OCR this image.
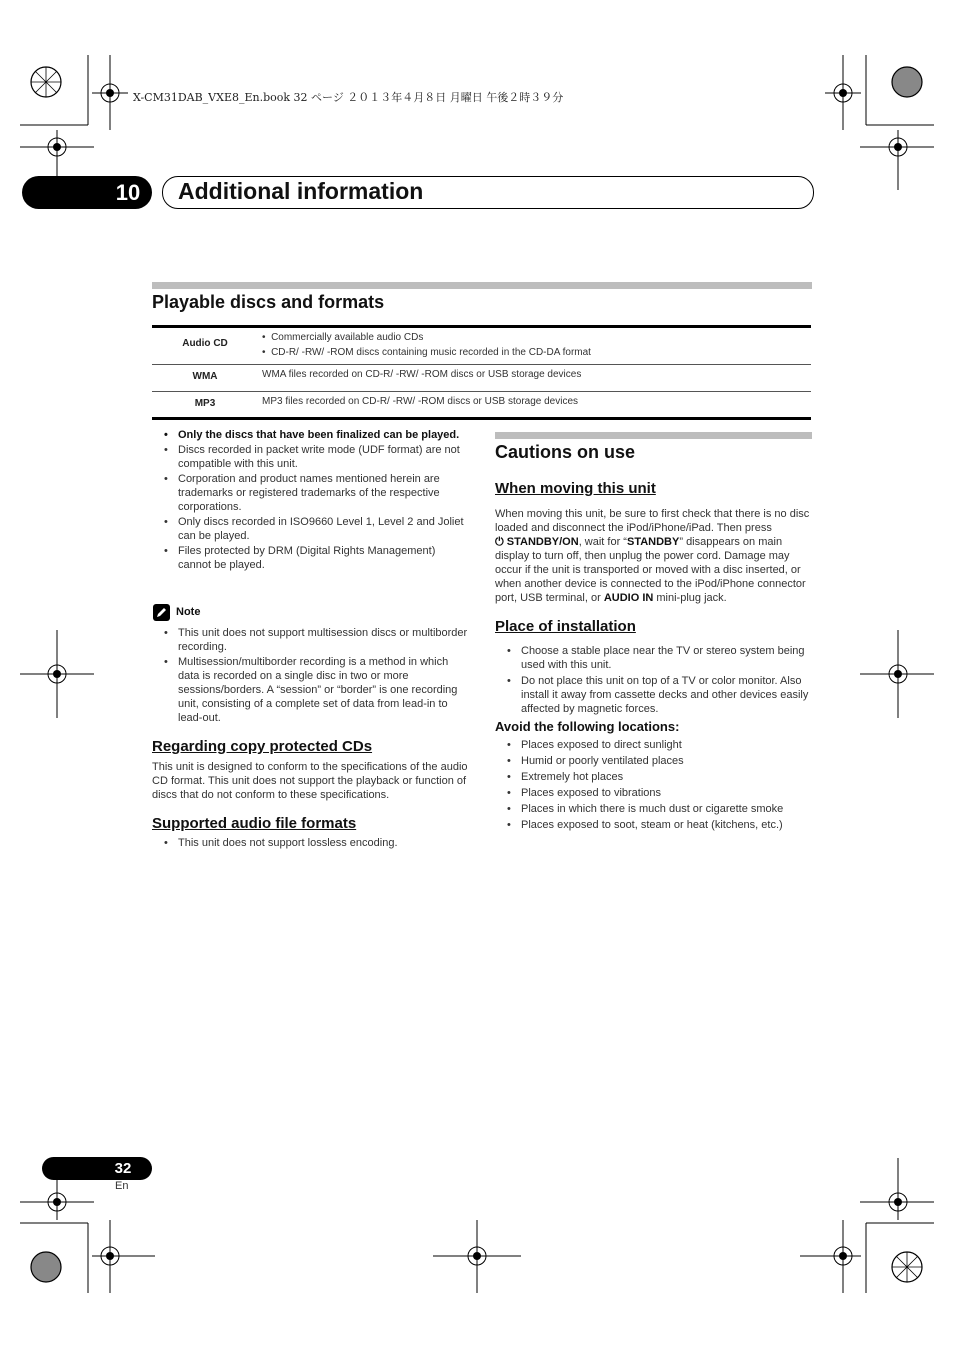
X-CM31DAB_VXE8_En.book 32 ページ ２０１３年４月８日 月曜日 午後２時３９分
10 Additional information
Playable discs and formats
Audio CD
•  Commercially available audio CDs
•  CD-R/ -RW/ -ROM discs containing music recorded in the CD-DA format
WMA	WMA files recorded on CD-R/ -RW/ -ROM discs or USB storage devices
MP3	MP3 files recorded on CD-R/ -RW/ -ROM discs or USB storage devices
• Only the discs that have been finalized can be played.
• Discs recorded in packet write mode (UDF format) are not compatible with this unit.
• Corporation and product names mentioned herein are trademarks or registered trademarks of the respective corporations.
• Only discs recorded in ISO9660 Level 1, Level 2 and Joliet can be played.
• Files protected by DRM (Digital Rights Management) cannot be played.
Note
• This unit does not support multisession discs or multiborder recording.
• Multisession/multiborder recording is a method in which data is recorded on a single disc in two or more sessions/borders. A “session” or “border” is one recording unit, consisting of a complete set of data from lead-in to lead-out.
Regarding copy protected CDs

This unit is designed to conform to the specifications of the audio CD format. This unit does not support the playback or function of discs that do not conform to these specifications.

Supported audio file formats
• This unit does not support lossless encoding.
Cautions on use
When moving this unit

When moving this unit, be sure to first check that there is no disc loaded and disconnect the iPod/iPhone/iPad. Then press ⏻ STANDBY/ON, wait for “STANDBY” disappears on main display to turn off, then unplug the power cord. Damage may occur if the unit is transported or moved with a disc inserted, or when another device is connected to the iPod/iPhone connector port, USB terminal, or AUDIO IN mini-plug jack.

Place of installation
• Choose a stable place near the TV or stereo system being used with this unit.
• Do not place this unit on top of a TV or color monitor. Also install it away from cassette decks and other devices easily affected by magnetic forces.
Avoid the following locations:
• Places exposed to direct sunlight
• Humid or poorly ventilated places
• Extremely hot places
• Places exposed to vibrations
• Places in which there is much dust or cigarette smoke
• Places exposed to soot, steam or heat (kitchens, etc.)
32
En
